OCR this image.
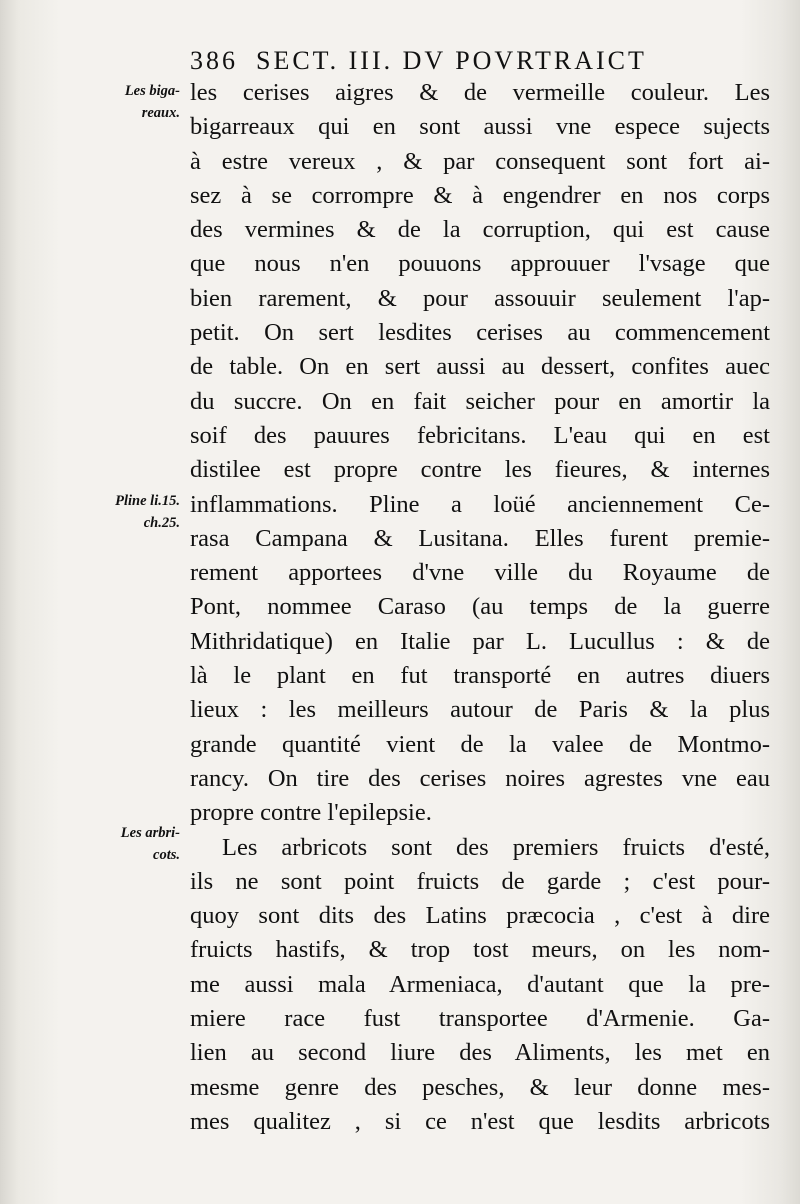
386 SECT. III. DV POVRTRAICT
Les biga-
reaux.
Pline li.15.
ch.25.
Les arbri-
cots.
les cerises aigres & de vermeille couleur. Les
bigarreaux qui en sont aussi vne espece sujects
à estre vereux , & par consequent sont fort ai-
sez à se corrompre & à engendrer en nos corps
des vermines & de la corruption, qui est cause
que nous n'en pouuons approuuer l'vsage que
bien rarement, & pour assouuir seulement l'ap-
petit. On sert lesdites cerises au commencement
de table. On en sert aussi au dessert, confites auec
du succre. On en fait seicher pour en amortir la
soif des pauures febricitans. L'eau qui en est
distilee est propre contre les fieures, & internes
inflammations. Pline a loüé anciennement Ce-
rasa Campana & Lusitana. Elles furent premie-
rement apportees d'vne ville du Royaume de
Pont, nommee Caraso (au temps de la guerre
Mithridatique) en Italie par L. Lucullus : & de
là le plant en fut transporté en autres diuers
lieux : les meilleurs autour de Paris & la plus
grande quantité vient de la valee de Montmo-
rancy. On tire des cerises noires agrestes vne eau
propre contre l'epilepsie.
Les arbricots sont des premiers fruicts d'esté,
ils ne sont point fruicts de garde ; c'est pour-
quoy sont dits des Latins præcocia , c'est à dire
fruicts hastifs, & trop tost meurs, on les nom-
me aussi mala Armeniaca, d'autant que la pre-
miere race fust transportee d'Armenie. Ga-
lien au second liure des Aliments, les met en
mesme genre des pesches, & leur donne mes-
mes qualitez , si ce n'est que lesdits arbricots
